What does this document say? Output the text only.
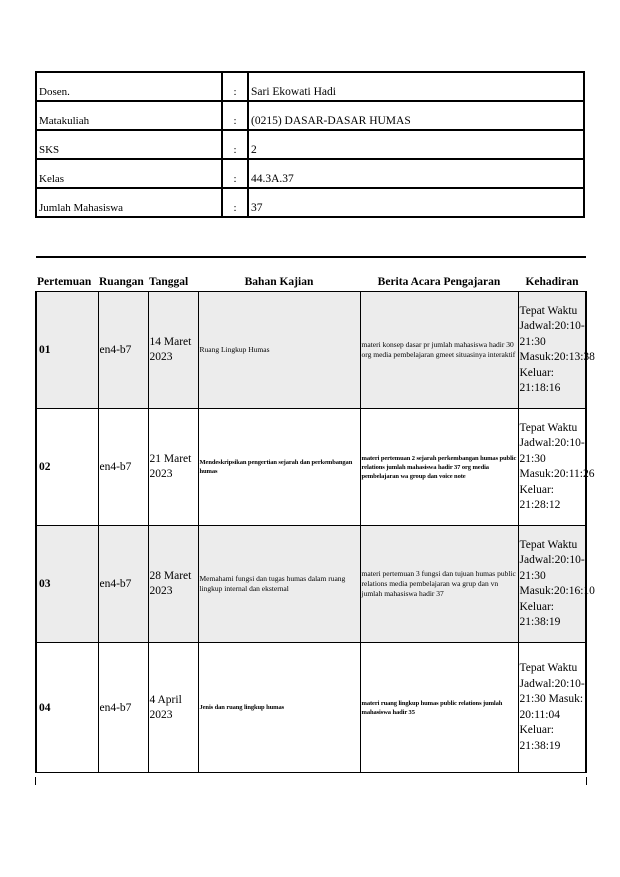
Dosen.	:	Sari Ekowati Hadi
Matakuliah	:	(0215) DASAR-DASAR HUMAS
SKS	:	2
Kelas	:	44.3A.37
Jumlah Mahasiswa	:	37
Pertemuan	Ruangan	Tanggal	Bahan Kajian	Berita Acara Pengajaran	Kehadiran
01	en4-b7	14 Maret 2023	Ruang Lingkup Humas	materi konsep dasar pr jumlah mahasiswa hadir 30 org media pembelajaran gmeet situasinya interaktif	Tepat Waktu Jadwal:20:10-21:30 Masuk:20:13:38 Keluar: 21:18:16
02	en4-b7	21 Maret 2023	Mendeskripsikan pengertian sejarah dan perkembangan humas	materi pertemuan 2 sejarah perkembangan humas public relations jumlah mahasiswa hadir 37 org media pembelajaran wa group dan voice note	Tepat Waktu Jadwal:20:10-21:30 Masuk:20:11:26 Keluar: 21:28:12
03	en4-b7	28 Maret 2023	Memahami fungsi dan tugas humas dalam ruang lingkup internal dan eksternal	materi pertemuan 3 fungsi dan tujuan humas public relations media pembelajaran wa grup dan vn jumlah mahasiswa hadir 37	Tepat Waktu Jadwal:20:10-21:30 Masuk:20:16:10 Keluar: 21:38:19
04	en4-b7	4 April 2023	Jenis dan ruang lingkup humas	materi ruang lingkup humas public relations jumlah mahasiswa hadir 35	Tepat Waktu Jadwal:20:10-21:30 Masuk: 20:11:04 Keluar: 21:38:19
